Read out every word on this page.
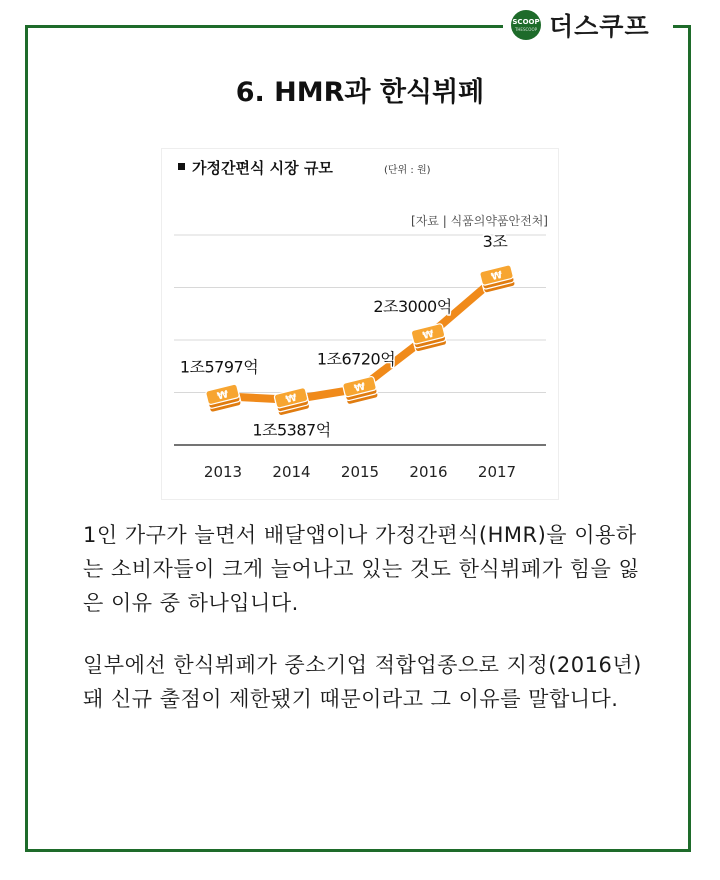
SCOOP
THESCOOP 더스쿠프
6. HMR과 한식뷔페
가정간편식 시장 규모	(단위 : 원)
[자료 | 식품의약품안전처]
₩	₩
₩
₩
₩
1조5797억
1조5387억
1조6720억
2조3000억
3조
2013 2014 2015 2016 2017

1인 가구가 늘면서 배달앱이나 가정간편식(HMR)을 이용하는 소비자들이 크게 늘어나고 있는 것도 한식뷔페가 힘을 잃은 이유 중 하나입니다.

일부에선 한식뷔페가 중소기업 적합업종으로 지정(2016년)돼 신규 출점이 제한됐기 때문이라고 그 이유를 말합니다.
